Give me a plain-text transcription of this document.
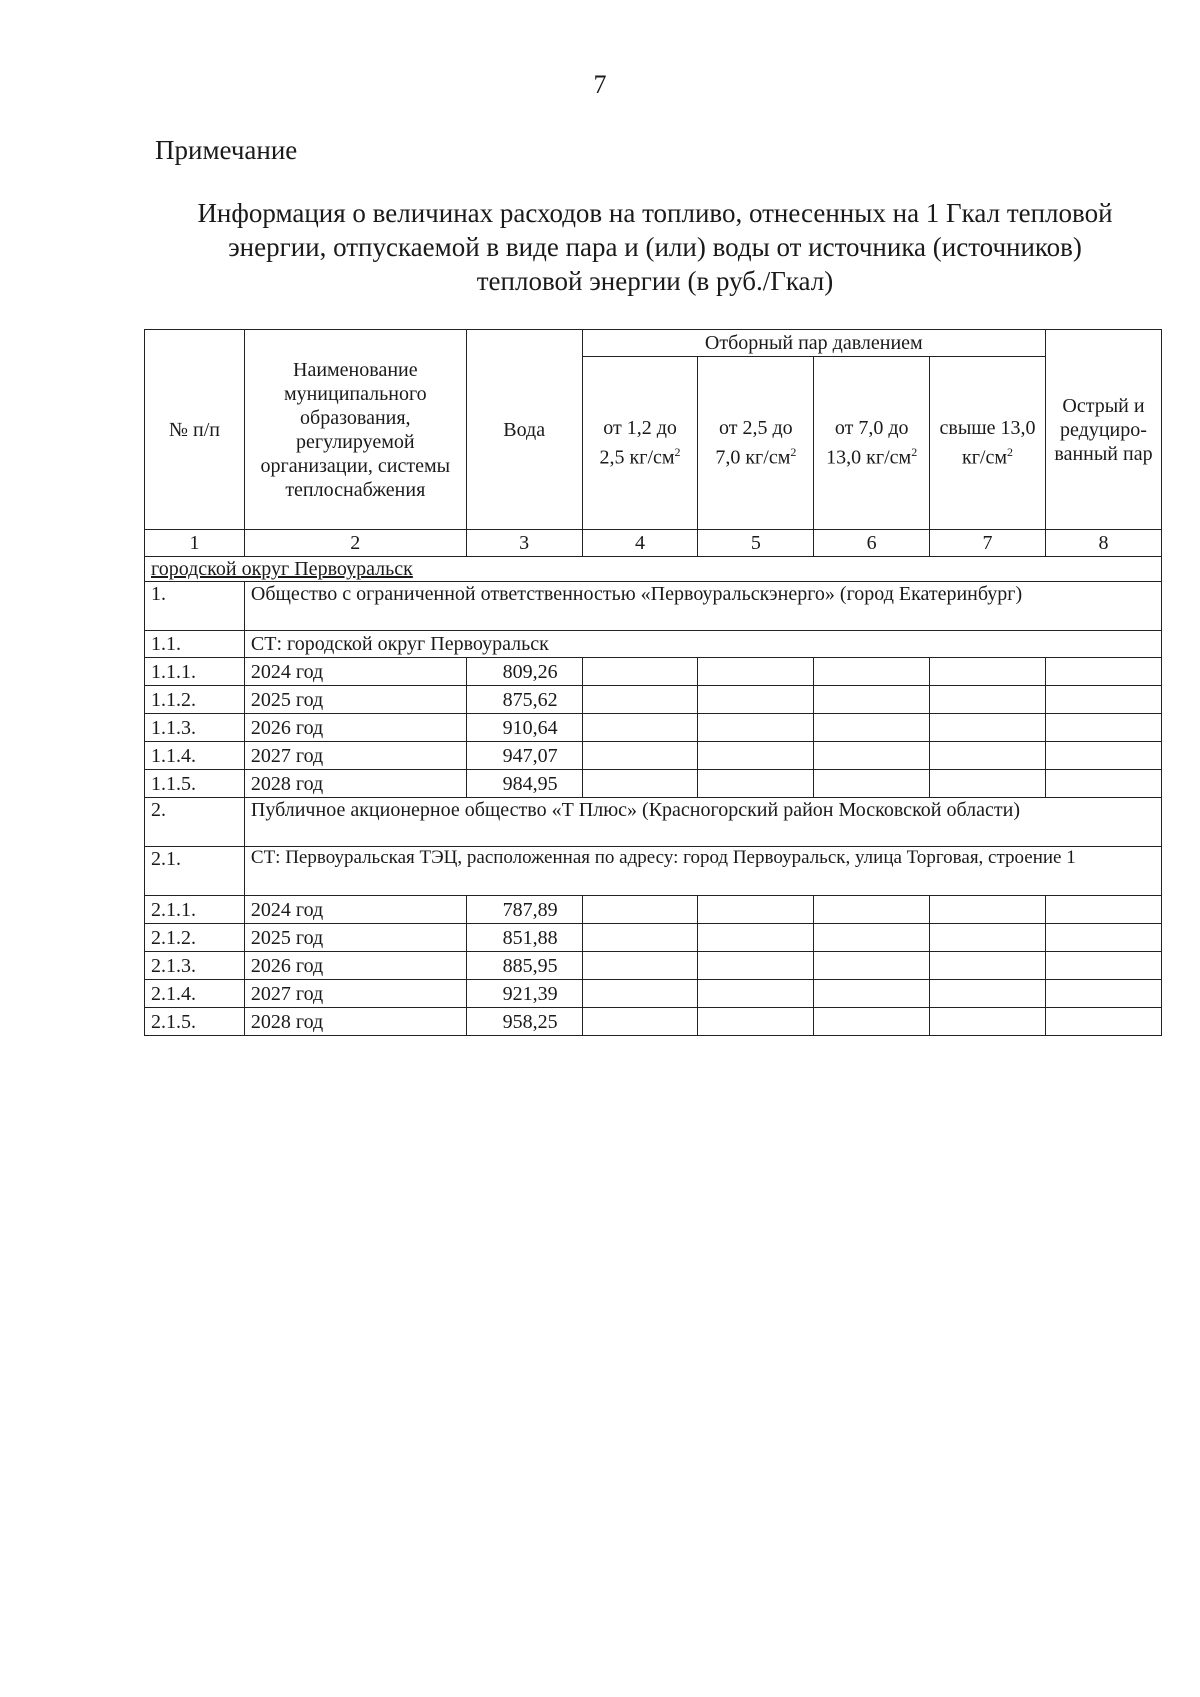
7
Примечание
Информация о величинах расходов на топливо, отнесенных на 1 Гкал тепловой
энергии, отпускаемой в виде пара и (или) воды от источника (источников)
тепловой энергии (в руб./Гкал)
№ п/п	Наименование муниципального образования, регулируемой организации, системы теплоснабжения	Вода	Отборный пар давлением				Острый и редуциро-ванный пар
			от 1,2 до 2,5 $кг/см^2$	от 2,5 до 7,0 $кг/см^2$	от 7,0 до 13,0 $кг/см^2$	свыше 13,0 $кг/см^2$
1	2	3	4	5	6	7	8
городской округ Первоуральск							
1.	Общество с ограниченной ответственностью «Первоуральскэнерго» (город Екатеринбург)						
1.1.	СТ: городской округ Первоуральск						
1.1.1.	2024 год	809,26					
1.1.2.	2025 год	875,62					
1.1.3.	2026 год	910,64					
1.1.4.	2027 год	947,07					
1.1.5.	2028 год	984,95					
2.	Публичное акционерное общество «Т Плюс» (Красногорский район Московской области)						
2.1.	СТ: Первоуральская ТЭЦ, расположенная по адресу: город Первоуральск, улица Торговая, строение 1						
2.1.1.	2024 год	787,89					
2.1.2.	2025 год	851,88					
2.1.3.	2026 год	885,95					
2.1.4.	2027 год	921,39					
2.1.5.	2028 год	958,25					
